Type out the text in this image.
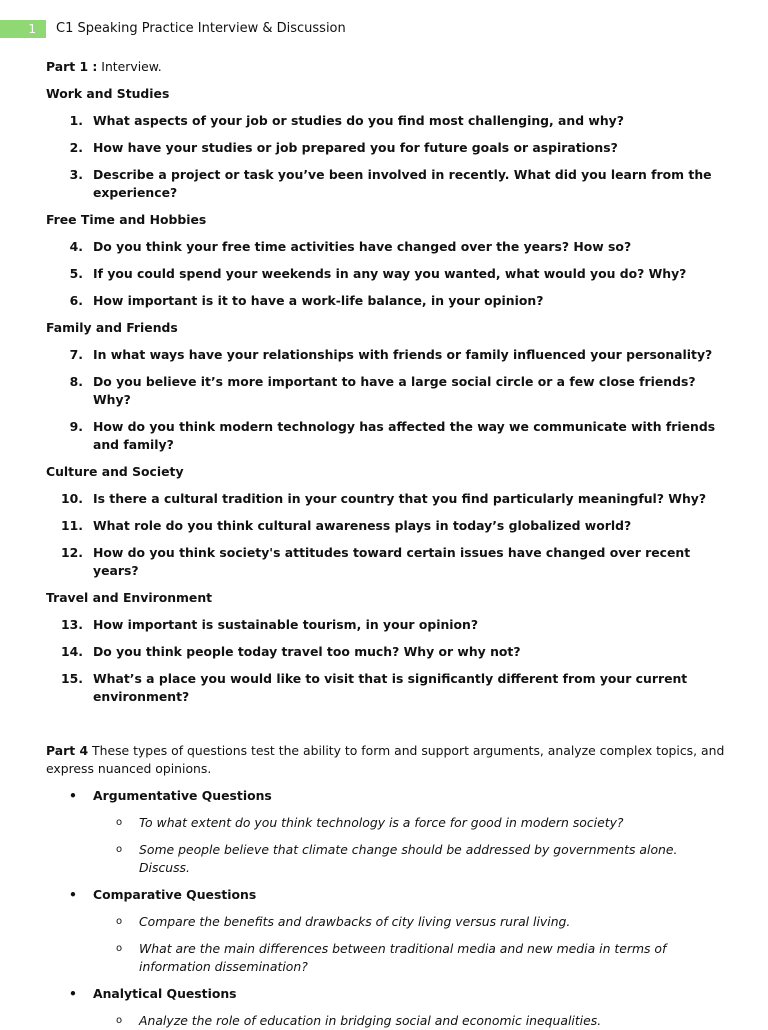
1	C1 Speaking Practice Interview & Discussion

Part 1 : Interview.

Work and Studies
1. What aspects of your job or studies do you find most challenging, and why?
2. How have your studies or job prepared you for future goals or aspirations?
3. Describe a project or task you’ve been involved in recently. What did you learn from the experience?
Free Time and Hobbies
4. Do you think your free time activities have changed over the years? How so?
5. If you could spend your weekends in any way you wanted, what would you do? Why?
6. How important is it to have a work-life balance, in your opinion?
Family and Friends
7. In what ways have your relationships with friends or family influenced your personality?
8. Do you believe it’s more important to have a large social circle or a few close friends? Why?
9. How do you think modern technology has affected the way we communicate with friends and family?
Culture and Society
10. Is there a cultural tradition in your country that you find particularly meaningful? Why?
11. What role do you think cultural awareness plays in today’s globalized world?
12. How do you think society's attitudes toward certain issues have changed over recent years?
Travel and Environment
13. How important is sustainable tourism, in your opinion?
14. Do you think people today travel too much? Why or why not?
15. What’s a place you would like to visit that is significantly different from your current environment?

Part 4 These types of questions test the ability to form and support arguments, analyze complex topics, and express nuanced opinions.

•	Argumentative Questions
o	To what extent do you think technology is a force for good in modern society?
o	Some people believe that climate change should be addressed by governments alone. Discuss.
•	Comparative Questions
o	Compare the benefits and drawbacks of city living versus rural living.
o	What are the main differences between traditional media and new media in terms of information dissemination?
•	Analytical Questions
o	Analyze the role of education in bridging social and economic inequalities.
